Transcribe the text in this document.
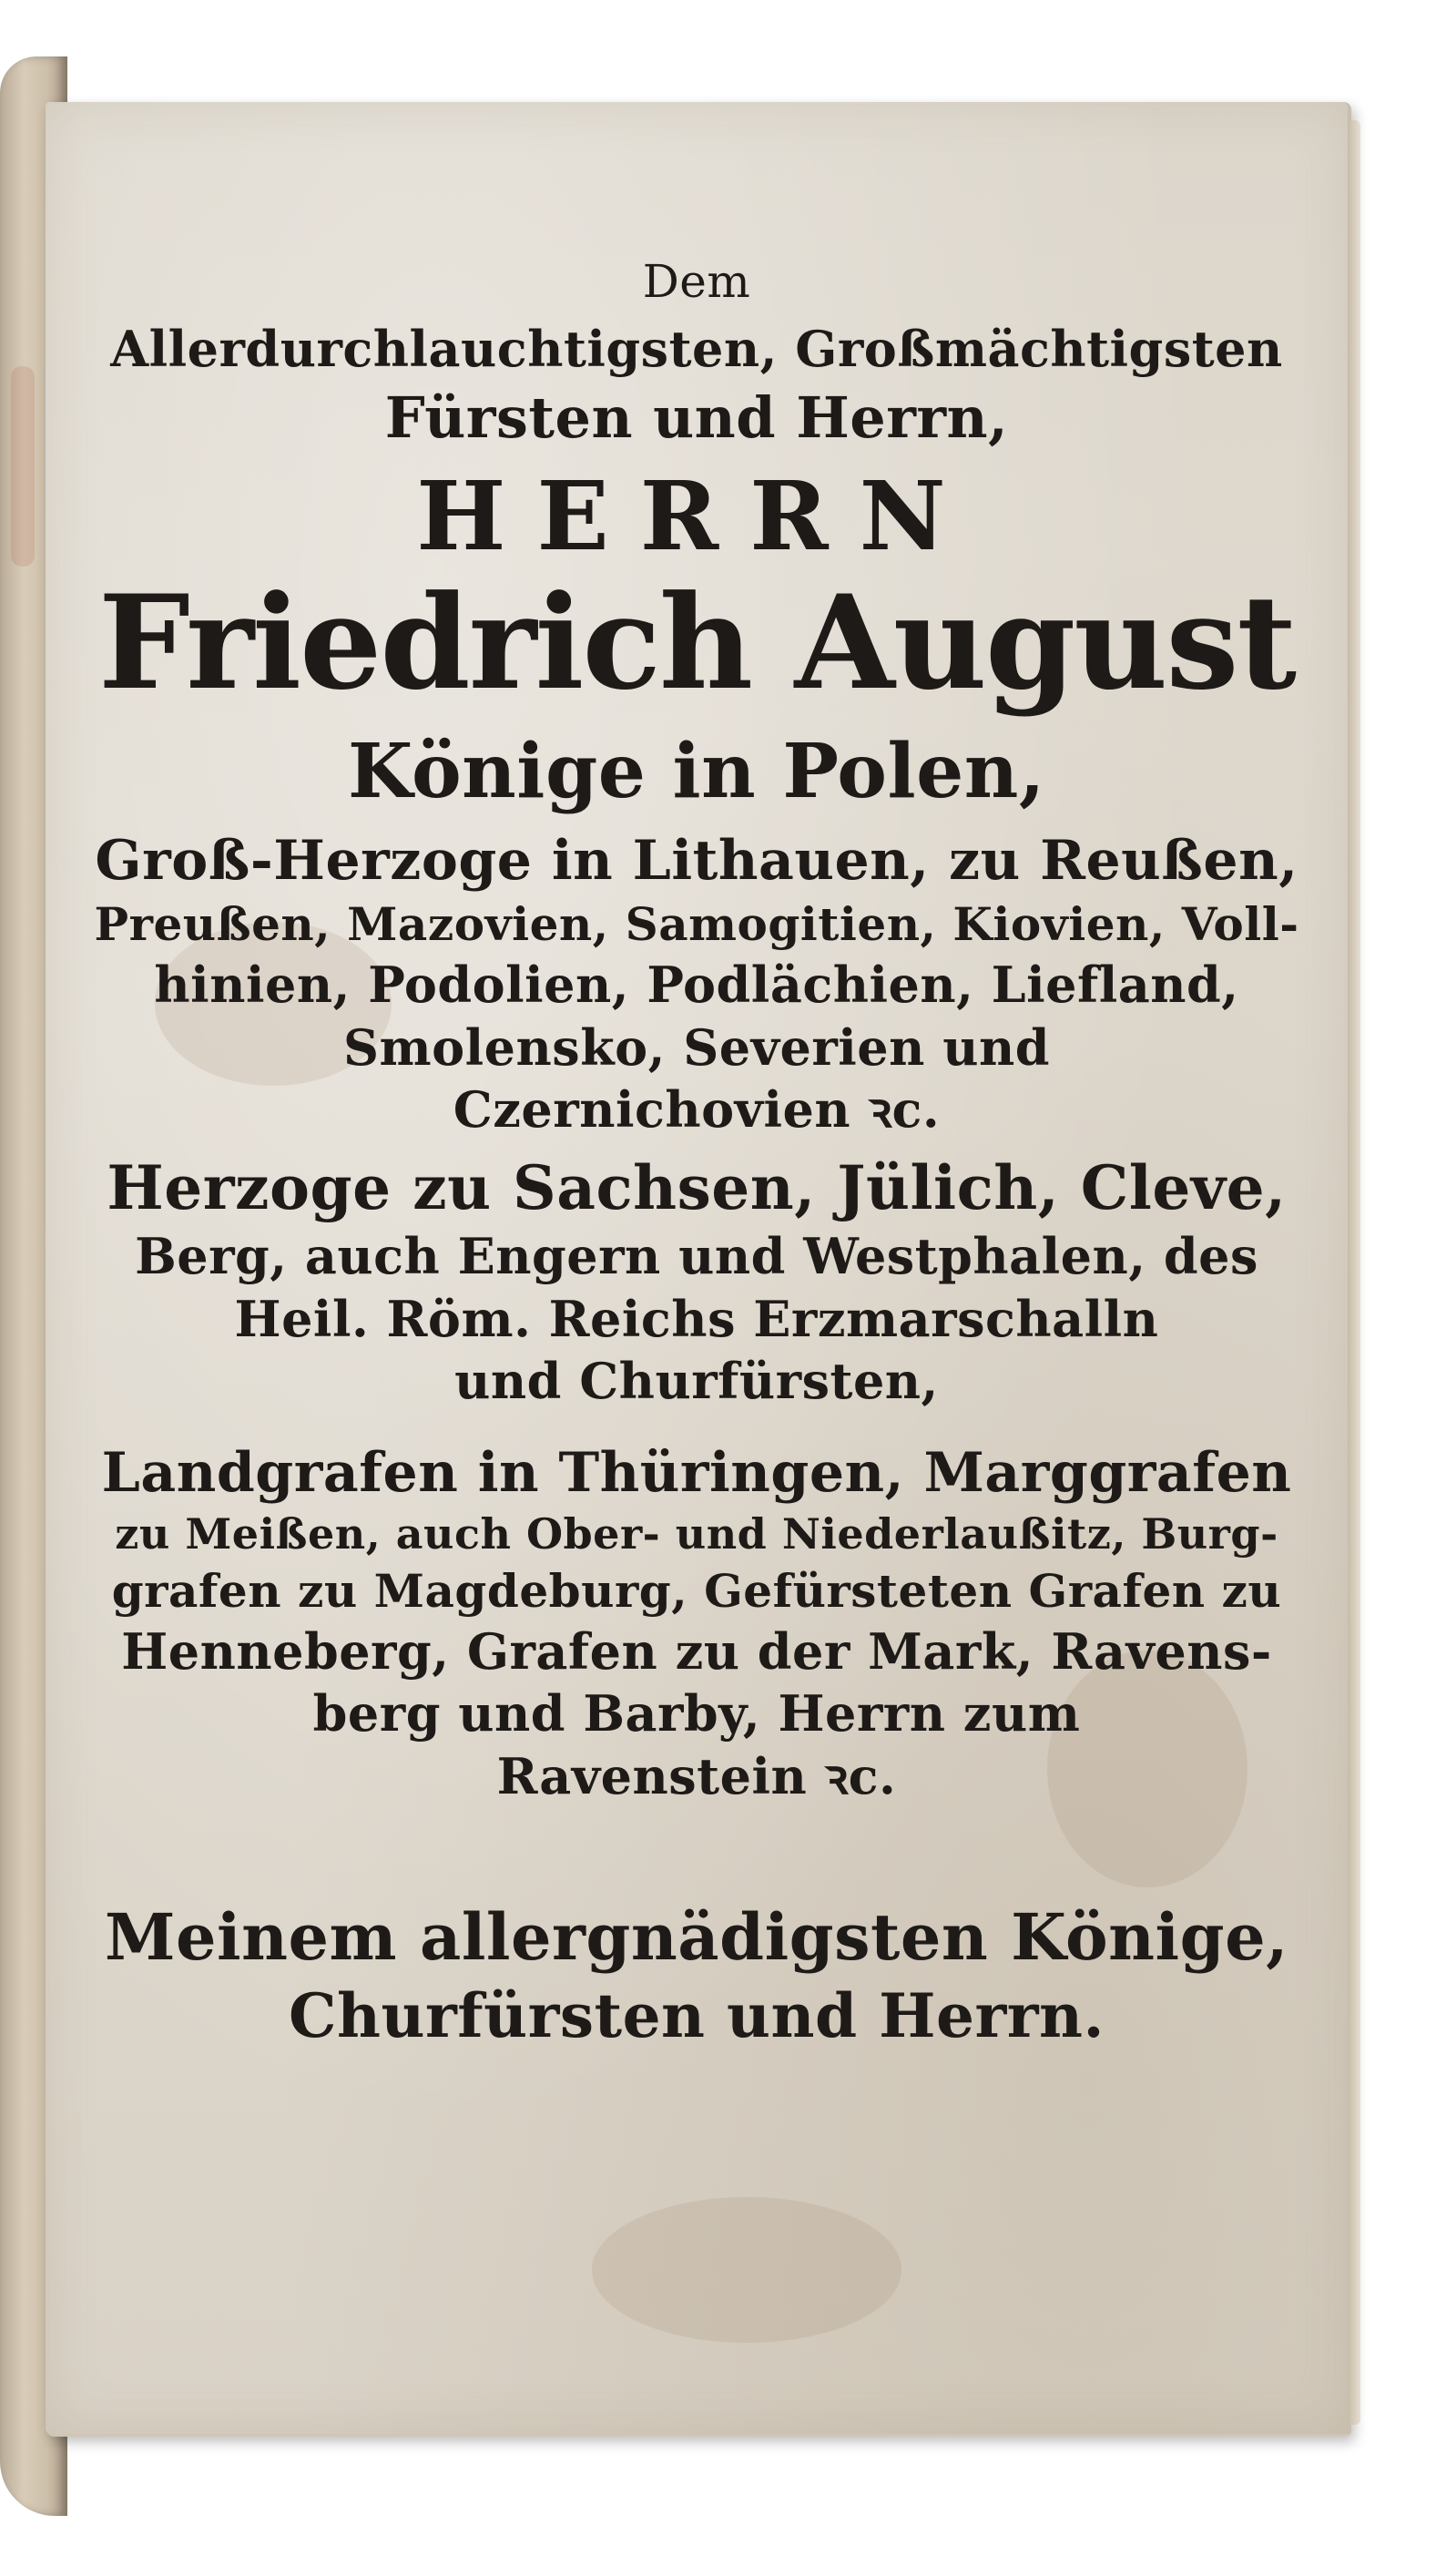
Dem
Allerdurchlauchtigsten, Großmächtigsten
Fürsten und Herrn,
HERRN
Friedrich August
Könige in Polen,
Groß-Herzoge in Lithauen, zu Reußen,
Preußen, Mazovien, Samogitien, Kiovien, Voll-
hinien, Podolien, Podlächien, Liefland,
Smolensko, Severien und
Czernichovien ꝛc.
Herzoge zu Sachsen, Jülich, Cleve,
Berg, auch Engern und Westphalen, des
Heil. Röm. Reichs Erzmarschalln
und Churfürsten,
Landgrafen in Thüringen, Marggrafen
zu Meißen, auch Ober- und Niederlaußitz, Burg-
grafen zu Magdeburg, Gefürsteten Grafen zu
Henneberg, Grafen zu der Mark, Ravens-
berg und Barby, Herrn zum
Ravenstein ꝛc.
Meinem allergnädigsten Könige,
Churfürsten und Herrn.
